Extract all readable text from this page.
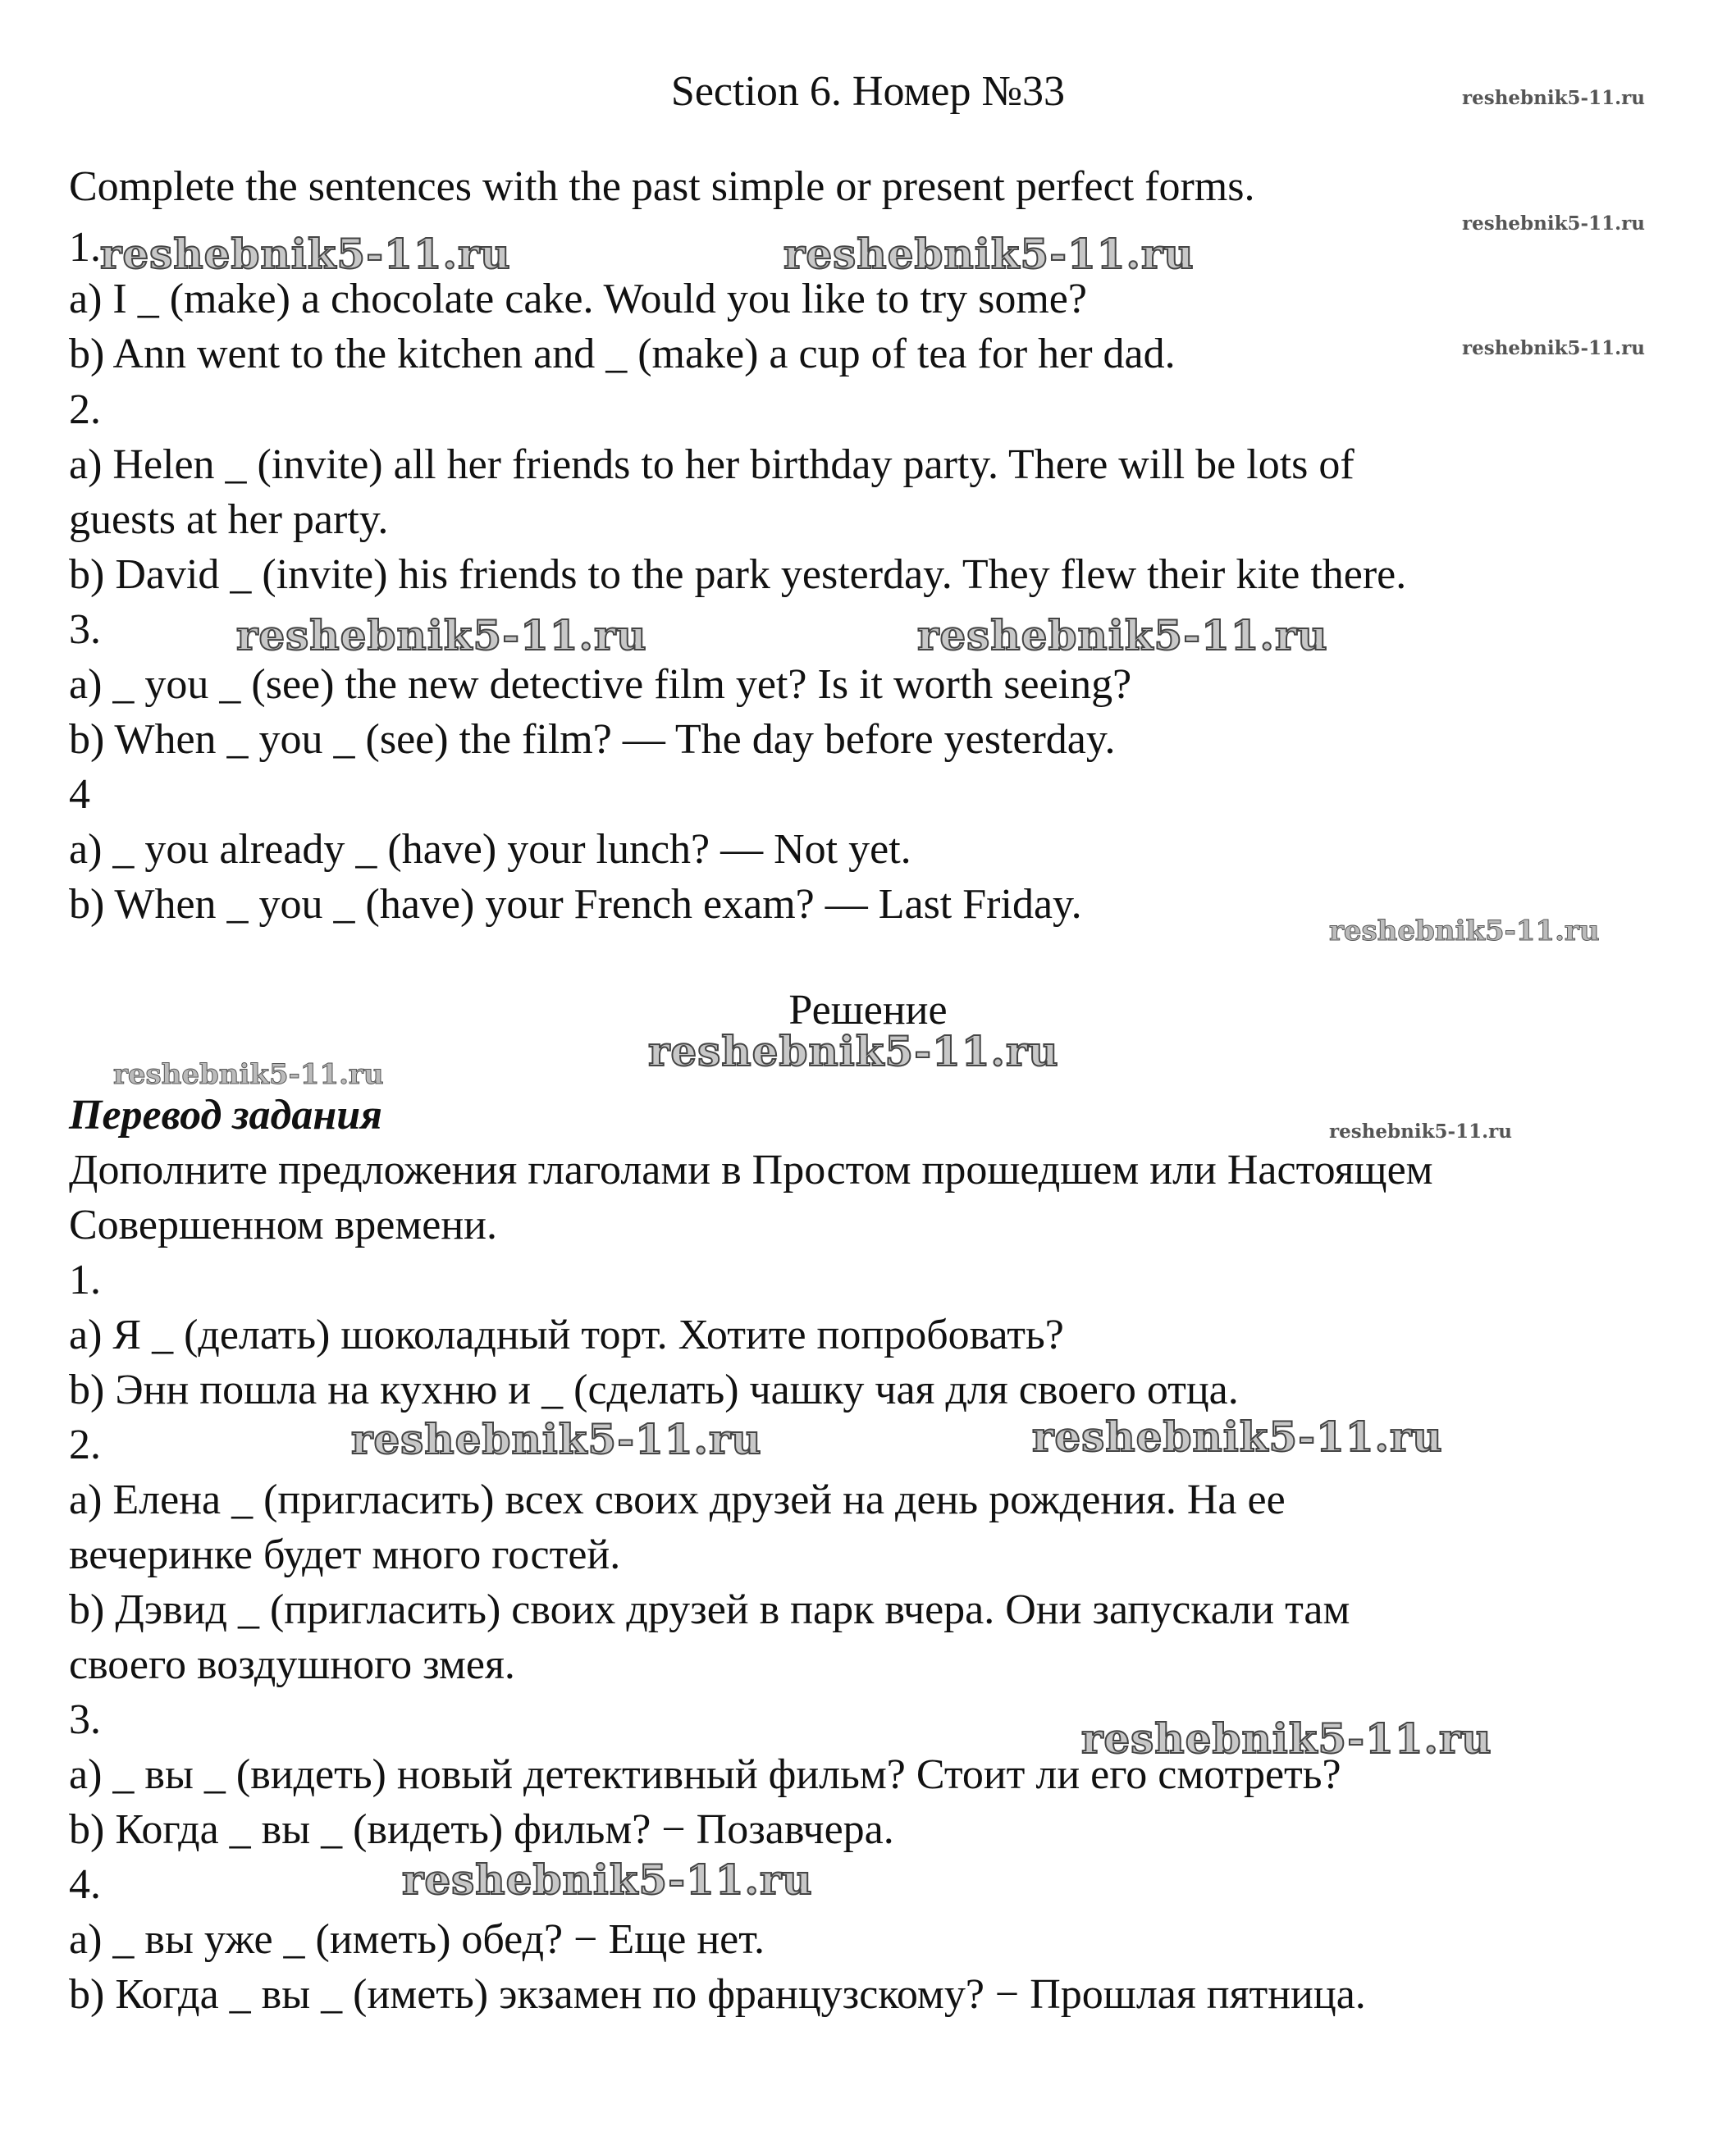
Section 6. Номер №33	reshebnik5-11.ru
Complete the sentences with the past simple or present perfect forms.
reshebnik5-11.ru
1. reshebnik5-11.ru	reshebnik5-11.ru
a) I _ (make) a chocolate cake. Would you like to try some?
b) Ann went to the kitchen and _ (make) a cup of tea for her dad.	reshebnik5-11.ru
2.
a) Helen _ (invite) all her friends to her birthday party. There will be lots of
guests at her party.
b) David _ (invite) his friends to the park yesterday. They flew their kite there.
3.	reshebnik5-11.ru	reshebnik5-11.ru
a) _ you _ (see) the new detective film yet? Is it worth seeing?
b) When _ you _ (see) the film? — The day before yesterday.
4
a) _ you already _ (have) your lunch? — Not yet.
b) When _ you _ (have) your French exam? — Last Friday.
reshebnik5-11.ru
Решение
reshebnik5-11.ru
reshebnik5-11.ru
Перевод задания	reshebnik5-11.ru
Дополните предложения глаголами в Простом прошедшем или Настоящем
Совершенном времени.
1.
a) Я _ (делать) шоколадный торт. Хотите попробовать?
b) Энн пошла на кухню и _ (сделать) чашку чая для своего отца.
2.	reshebnik5-11.ru	reshebnik5-11.ru
a) Елена _ (пригласить) всех своих друзей на день рождения. На ее
вечеринке будет много гостей.
b) Дэвид _ (пригласить) своих друзей в парк вчера. Они запускали там
своего воздушного змея.
3.	reshebnik5-11.ru
a) _ вы _ (видеть) новый детективный фильм? Стоит ли его смотреть?
b) Когда _ вы _ (видеть) фильм? − Позавчера.
4.	reshebnik5-11.ru
a) _ вы уже _ (иметь) обед? − Еще нет.
b) Когда _ вы _ (иметь) экзамен по французскому? − Прошлая пятница.
